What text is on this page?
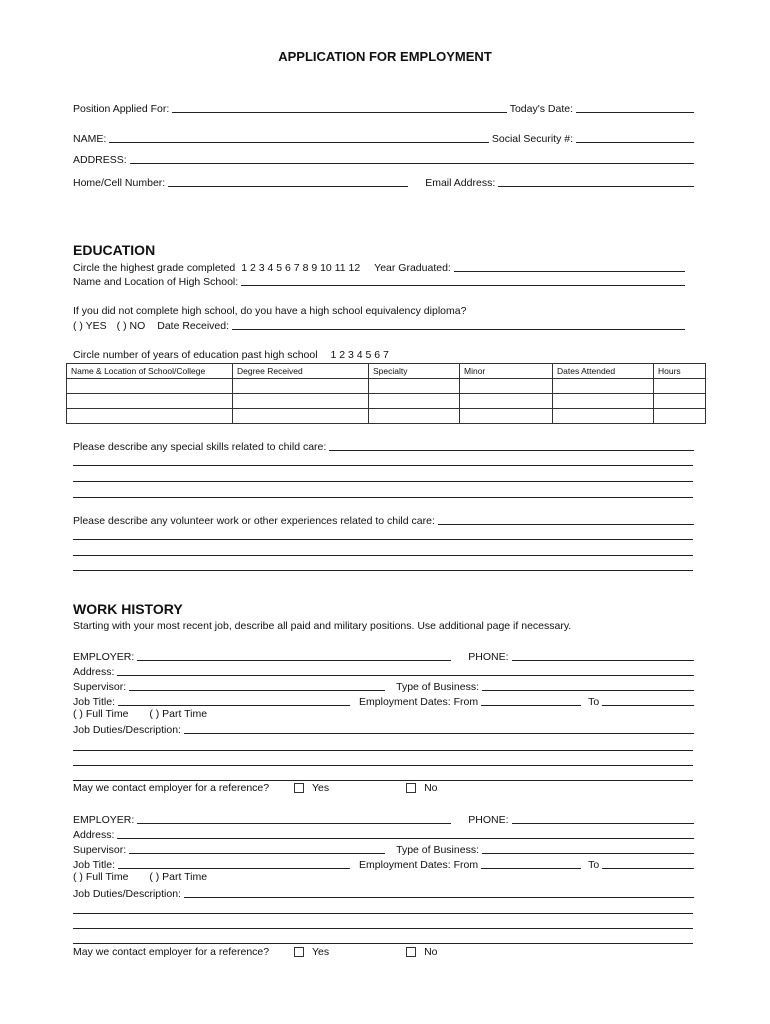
APPLICATION FOR EMPLOYMENT
Position Applied For:	Today's Date:
NAME:	Social Security #:
ADDRESS:
Home/Cell Number:	Email Address:
EDUCATION
Circle the highest grade completed 1 2 3 4 5 6 7 8 9 10 11 12 Year Graduated:
Name and Location of High School:
If you did not complete high school, do you have a high school equivalency diploma?
( ) YES ( ) NO Date Received:
Circle number of years of education past high school 1 2 3 4 5 6 7
Name & Location of School/College	Degree Received	Specialty	Minor	Dates Attended	Hours

Please describe any special skills related to child care:
Please describe any volunteer work or other experiences related to child care:
WORK HISTORY
Starting with your most recent job, describe all paid and military positions. Use additional page if necessary.
EMPLOYER:	PHONE:
Address:
Supervisor:	Type of Business:
Job Title:	Employment Dates: From	To
( ) Full Time ( ) Part Time
Job Duties/Description:
May we contact employer for a reference?	Yes	No
EMPLOYER:	PHONE:
Address:
Supervisor:	Type of Business:
Job Title:	Employment Dates: From	To
( ) Full Time ( ) Part Time
Job Duties/Description:
May we contact employer for a reference?	Yes	No
